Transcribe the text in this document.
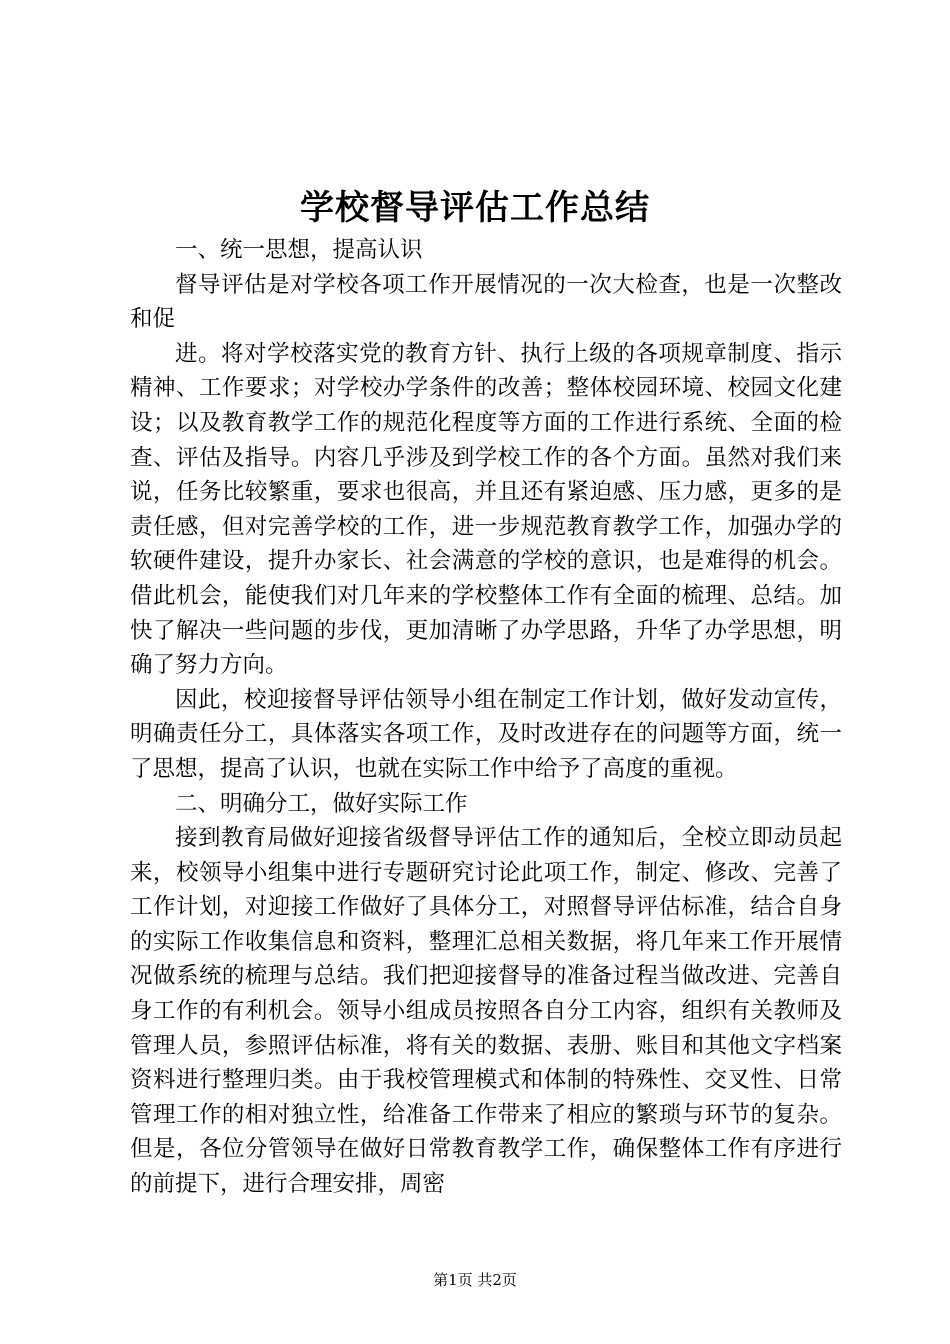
学校督导评估工作总结

一、统一思想，提高认识

督导评估是对学校各项工作开展情况的一次大检查，也是一次整改和促

进。将对学校落实党的教育方针、执行上级的各项规章制度、指示精神、工作要求；对学校办学条件的改善；整体校园环境、校园文化建设；以及教育教学工作的规范化程度等方面的工作进行系统、全面的检查、评估及指导。内容几乎涉及到学校工作的各个方面。虽然对我们来说，任务比较繁重，要求也很高，并且还有紧迫感、压力感，更多的是责任感，但对完善学校的工作，进一步规范教育教学工作，加强办学的软硬件建设，提升办家长、社会满意的学校的意识，也是难得的机会。借此机会，能使我们对几年来的学校整体工作有全面的梳理、总结。加快了解决一些问题的步伐，更加清晰了办学思路，升华了办学思想，明确了努力方向。

因此，校迎接督导评估领导小组在制定工作计划，做好发动宣传，明确责任分工，具体落实各项工作，及时改进存在的问题等方面，统一了思想，提高了认识，也就在实际工作中给予了高度的重视。

二、明确分工，做好实际工作

接到教育局做好迎接省级督导评估工作的通知后，全校立即动员起来，校领导小组集中进行专题研究讨论此项工作，制定、修改、完善了工作计划，对迎接工作做好了具体分工，对照督导评估标准，结合自身的实际工作收集信息和资料，整理汇总相关数据，将几年来工作开展情况做系统的梳理与总结。我们把迎接督导的准备过程当做改进、完善自身工作的有利机会。领导小组成员按照各自分工内容，组织有关教师及管理人员，参照评估标准，将有关的数据、表册、账目和其他文字档案资料进行整理归类。由于我校管理模式和体制的特殊性、交叉性、日常管理工作的相对独立性，给准备工作带来了相应的繁琐与环节的复杂。但是，各位分管领导在做好日常教育教学工作，确保整体工作有序进行的前提下，进行合理安排，周密

第1页 共2页
